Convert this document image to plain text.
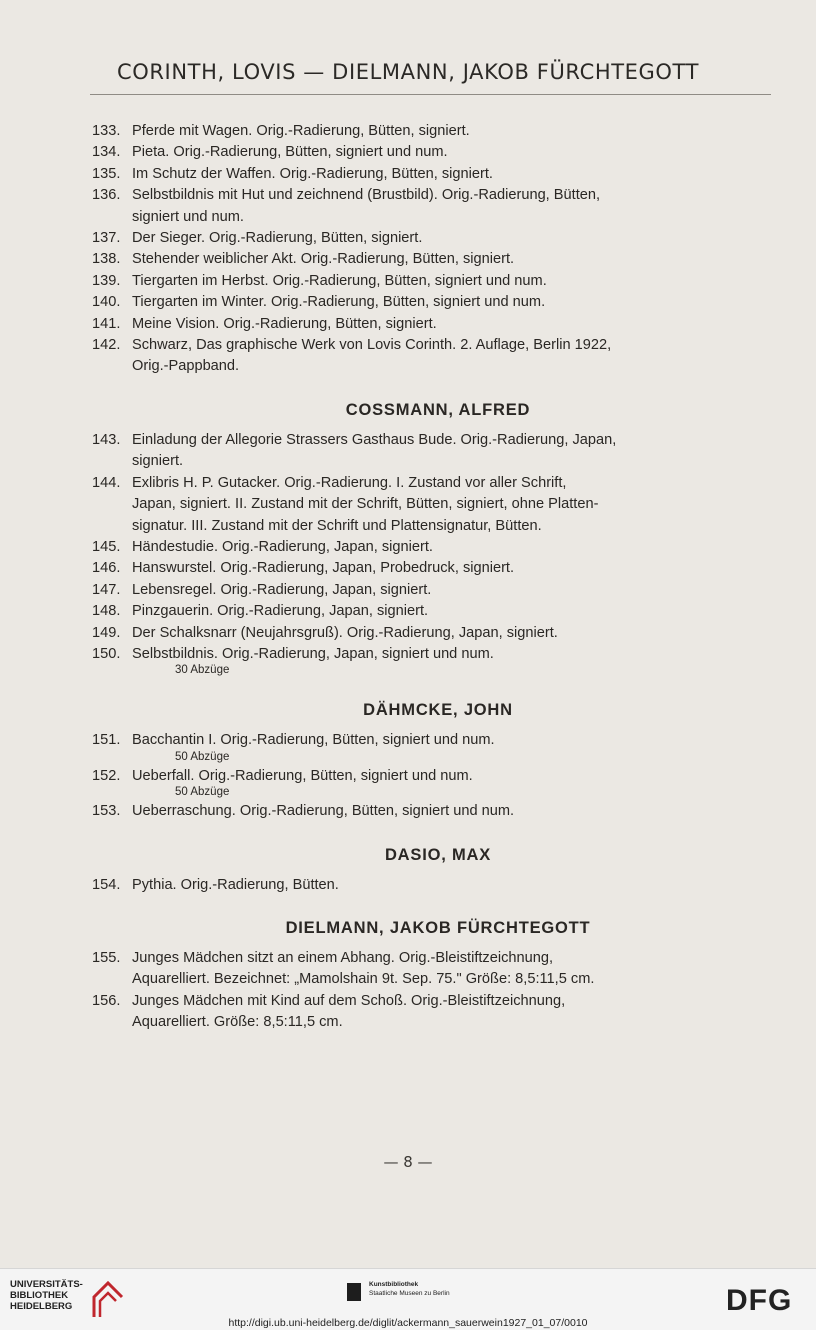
CORINTH, LOVIS — DIELMANN, JAKOB FÜRCHTEGOTT
133. Pferde mit Wagen. Orig.-Radierung, Bütten, signiert.
134. Pieta. Orig.-Radierung, Bütten, signiert und num.
135. Im Schutz der Waffen. Orig.-Radierung, Bütten, signiert.
136. Selbstbildnis mit Hut und zeichnend (Brustbild). Orig.-Radierung, Bütten,
signiert und num.
137. Der Sieger. Orig.-Radierung, Bütten, signiert.
138. Stehender weiblicher Akt. Orig.-Radierung, Bütten, signiert.
139. Tiergarten im Herbst. Orig.-Radierung, Bütten, signiert und num.
140. Tiergarten im Winter. Orig.-Radierung, Bütten, signiert und num.
141. Meine Vision. Orig.-Radierung, Bütten, signiert.
142. Schwarz, Das graphische Werk von Lovis Corinth. 2. Auflage, Berlin 1922,
Orig.-Pappband.
COSSMANN, ALFRED
143. Einladung der Allegorie Strassers Gasthaus Bude. Orig.-Radierung, Japan,
signiert.
144. Exlibris H. P. Gutacker. Orig.-Radierung. I. Zustand vor aller Schrift,
Japan, signiert. II. Zustand mit der Schrift, Bütten, signiert, ohne Platten-
signatur. III. Zustand mit der Schrift und Plattensignatur, Bütten.
145. Händestudie. Orig.-Radierung, Japan, signiert.
146. Hanswurstel. Orig.-Radierung, Japan, Probedruck, signiert.
147. Lebensregel. Orig.-Radierung, Japan, signiert.
148. Pinzgauerin. Orig.-Radierung, Japan, signiert.
149. Der Schalksnarr (Neujahrsgruß). Orig.-Radierung, Japan, signiert.
150. Selbstbildnis. Orig.-Radierung, Japan, signiert und num.
30 Abzüge
DÄHMCKE, JOHN
151. Bacchantin I. Orig.-Radierung, Bütten, signiert und num.
50 Abzüge
152. Ueberfall. Orig.-Radierung, Bütten, signiert und num.
50 Abzüge
153. Ueberraschung. Orig.-Radierung, Bütten, signiert und num.
DASIO, MAX
154. Pythia. Orig.-Radierung, Bütten.
DIELMANN, JAKOB FÜRCHTEGOTT
155. Junges Mädchen sitzt an einem Abhang. Orig.-Bleistiftzeichnung,
Aquarelliert. Bezeichnet: „Mamolshain 9t. Sep. 75." Größe: 8,5:11,5 cm.
156. Junges Mädchen mit Kind auf dem Schoß. Orig.-Bleistiftzeichnung,
Aquarelliert. Größe: 8,5:11,5 cm.
— 8 —
UNIVERSITÄTS-
BIBLIOTHEK
HEIDELBERG
Kunstbibliothek
Staatliche Museen zu Berlin	DFG
http://digi.ub.uni-heidelberg.de/diglit/ackermann_sauerwein1927_01_07/0010
